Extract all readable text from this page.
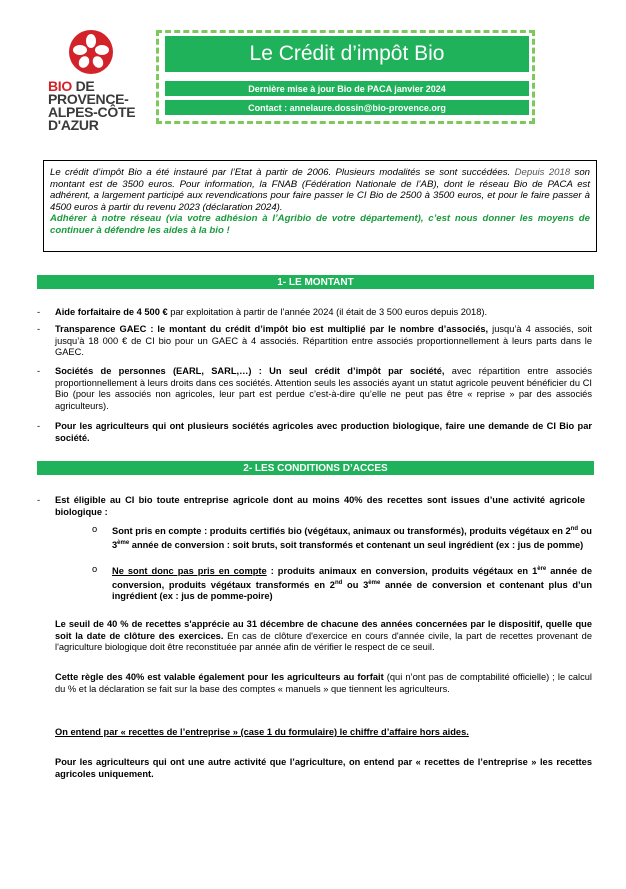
BIO DE
PROVENCE-
ALPES-CÔTE
D'AZUR
Le Crédit d’impôt Bio
Dernière mise à jour Bio de PACA janvier 2024
Contact : annelaure.dossin@bio-provence.org
Le crédit d’impôt Bio a été instauré par l’Etat à partir de 2006. Plusieurs modalités se sont succédées. Depuis 2018 son montant est de 3500 euros. Pour information, la FNAB (Fédération Nationale de l’AB), dont le réseau Bio de PACA est adhérent, a largement participé aux revendications pour faire passer le CI Bio de 2500 à 3500 euros, et pour le faire passer à 4500 euros à partir du revenu 2023 (déclaration 2024).
Adhérer à notre réseau (via votre adhésion à l’Agribio de votre département), c’est nous donner les moyens de continuer à défendre les aides à la bio !
1- LE MONTANT
- Aide forfaitaire de 4 500 € par exploitation à partir de l’année 2024 (il était de 3 500 euros depuis 2018).
- Transparence GAEC : le montant du crédit d’impôt bio est multiplié par le nombre d’associés, jusqu’à 4 associés, soit jusqu’à 18 000 € de CI bio pour un GAEC à 4 associés. Répartition entre associés proportionnellement à leurs parts dans le GAEC.
- Sociétés de personnes (EARL, SARL,…) : Un seul crédit d’impôt par société, avec répartition entre associés proportionnellement à leurs droits dans ces sociétés. Attention seuls les associés ayant un statut agricole peuvent bénéficier du CI Bio (pour les associés non agricoles, leur part est perdue c’est-à-dire qu’elle ne peut pas être « reprise » par des associés agriculteurs).
- Pour les agriculteurs qui ont plusieurs sociétés agricoles avec production biologique, faire une demande de CI Bio par société.
2- LES CONDITIONS D’ACCES
- Est éligible au CI bio toute entreprise agricole dont au moins 40% des recettes sont issues d’une activité agricole biologique :
o Sont pris en compte : produits certifiés bio (végétaux, animaux ou transformés), produits végétaux en 2nd ou 3ème année de conversion : soit bruts, soit transformés et contenant un seul ingrédient (ex : jus de pomme)
o Ne sont donc pas pris en compte : produits animaux en conversion, produits végétaux en 1ère année de conversion, produits végétaux transformés en 2nd ou 3ème année de conversion et contenant plus d’un ingrédient (ex : jus de pomme-poire)
Le seuil de 40 % de recettes s'apprécie au 31 décembre de chacune des années concernées par le dispositif, quelle que soit la date de clôture des exercices. En cas de clôture d'exercice en cours d'année civile, la part de recettes provenant de l'agriculture biologique doit être reconstituée par année afin de vérifier le respect de ce seuil.
Cette règle des 40% est valable également pour les agriculteurs au forfait (qui n’ont pas de comptabilité officielle) ; le calcul du % et la déclaration se fait sur la base des comptes « manuels » que tiennent les agriculteurs.
On entend par « recettes de l’entreprise » (case 1 du formulaire) le chiffre d’affaire hors aides.
Pour les agriculteurs qui ont une autre activité que l’agriculture, on entend par « recettes de l’entreprise » les recettes agricoles uniquement.
